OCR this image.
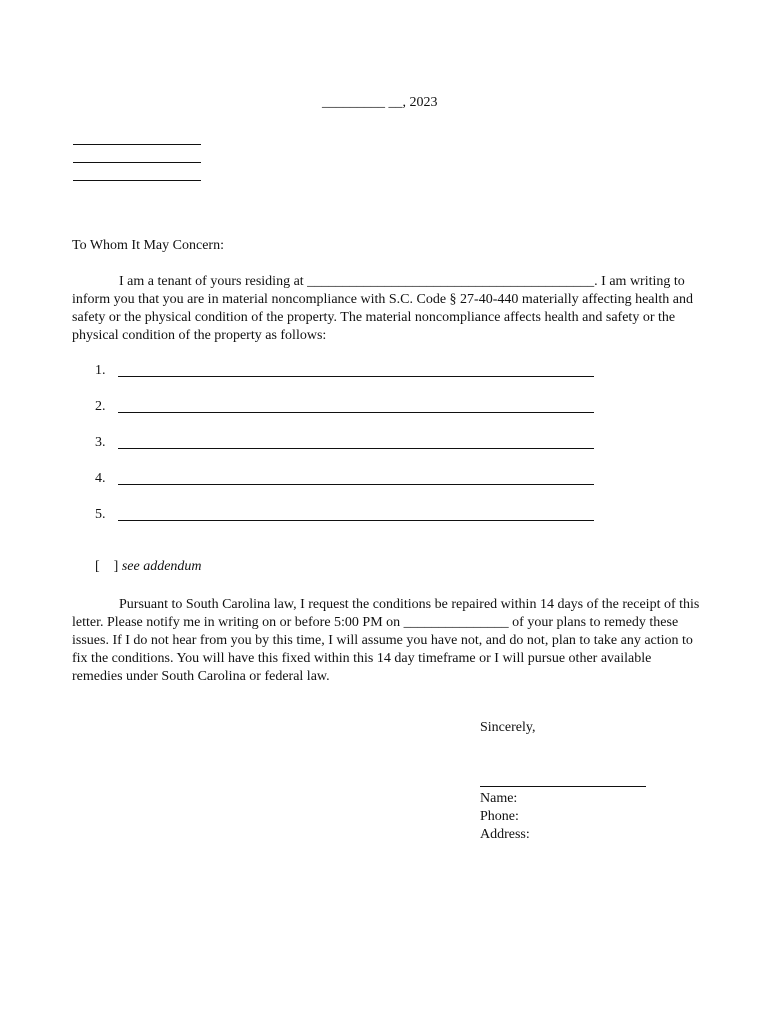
_________ __, 2023
To Whom It May Concern:
I am a tenant of yours residing at _________________________________________. I am writing to inform you that you are in material noncompliance with S.C. Code § 27-40-440 materially affecting health and safety or the physical condition of the property. The material noncompliance affects health and safety or the physical condition of the property as follows:
1.
2.
3.
4.
5.
[    ] see addendum
Pursuant to South Carolina law, I request the conditions be repaired within 14 days of the receipt of this letter. Please notify me in writing on or before 5:00 PM on _______________ of your plans to remedy these issues. If I do not hear from you by this time, I will assume you have not, and do not, plan to take any action to fix the conditions. You will have this fixed within this 14 day timeframe or I will pursue other available remedies under South Carolina or federal law.
Sincerely,
Name:
Phone:
Address:
